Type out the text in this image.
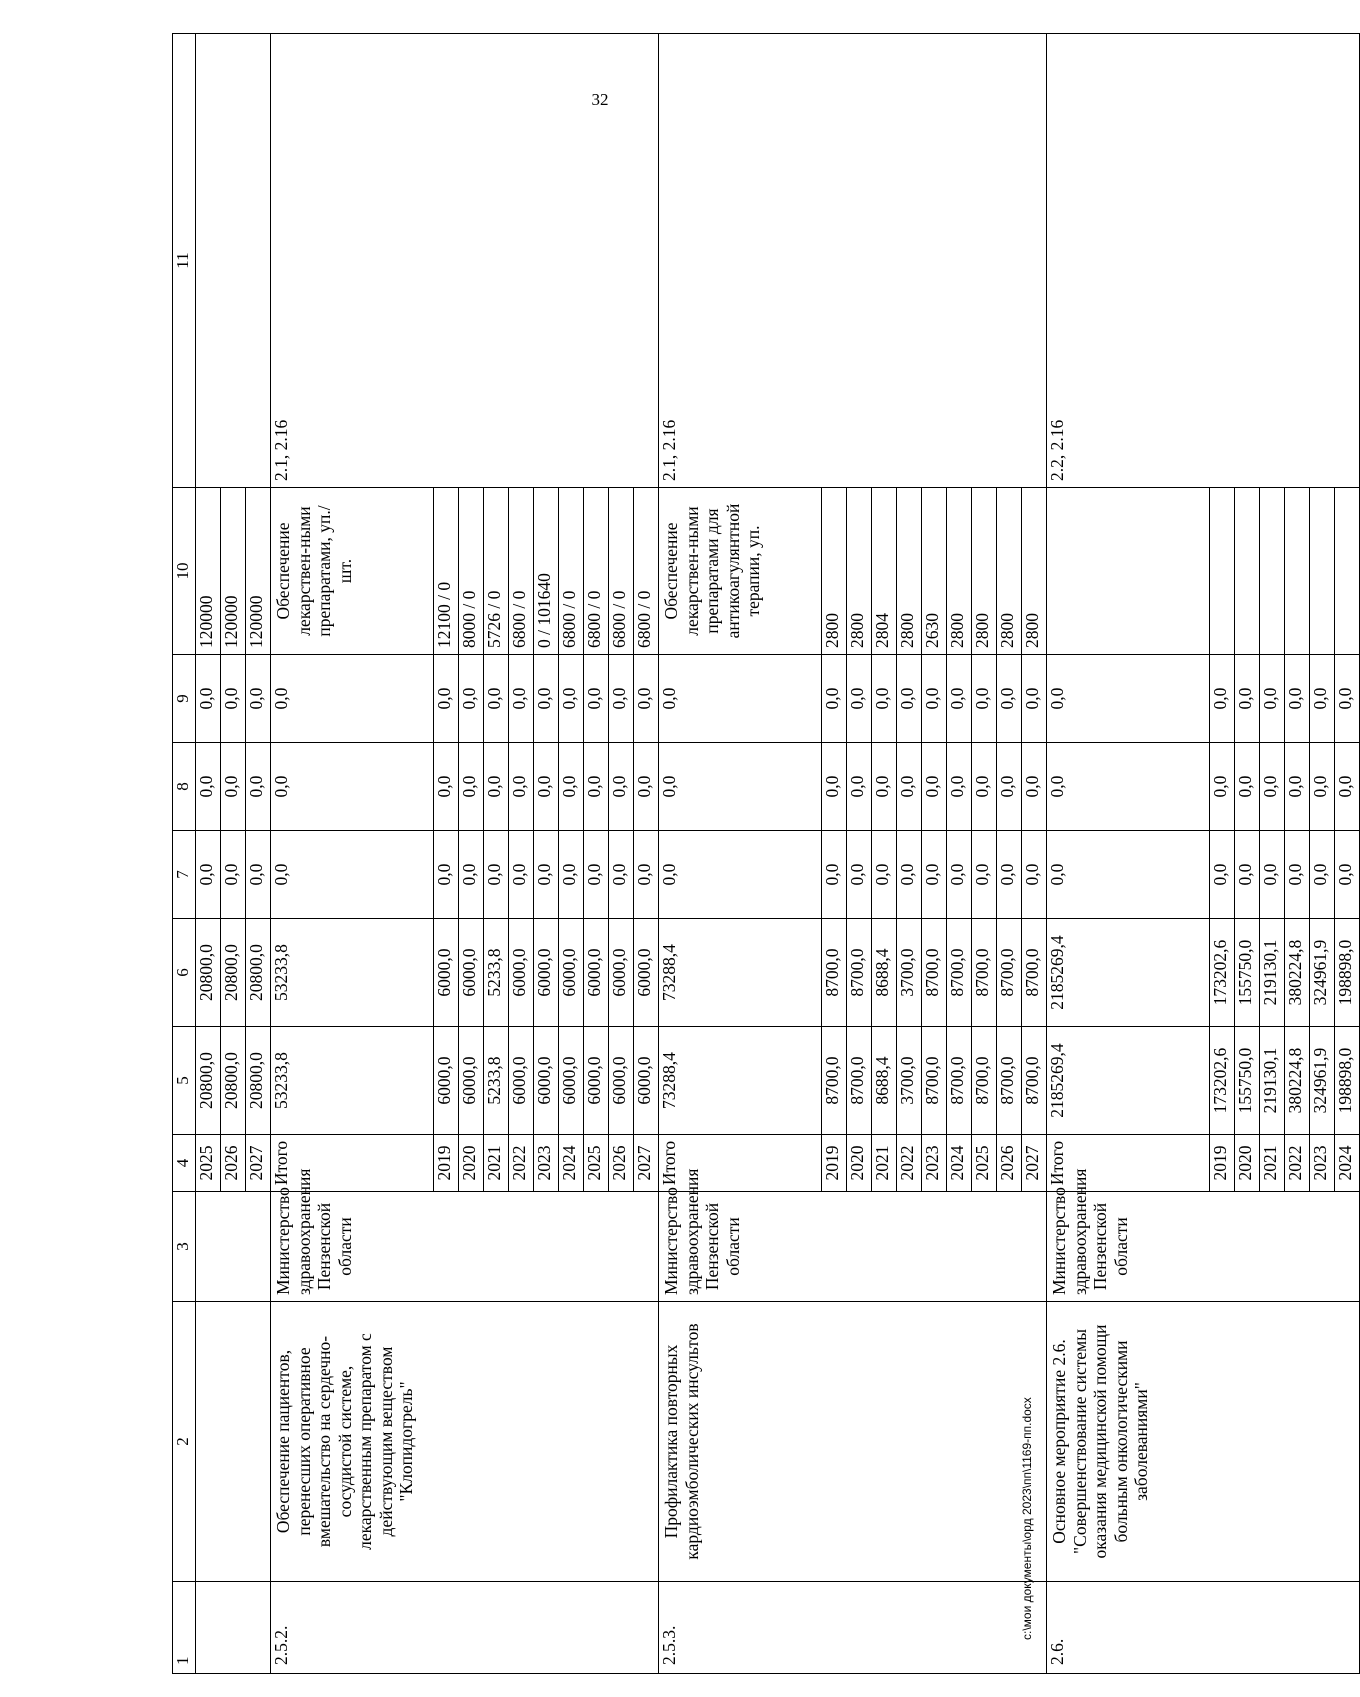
32
1	2	3	4	5	6	7	8	9	10	11
			2025	20800,0	20800,0	0,0	0,0	0,0	120000	
			2026	20800,0	20800,0	0,0	0,0	0,0	120000	
			2027	20800,0	20800,0	0,0	0,0	0,0	120000	
2.5.2.	Обеспечение пациентов, перенесших оперативное вмешательство на сердечно-сосудистой системе, лекарственным препаратом с действующим веществом "Клопидогрель"	Министерство здравоохранения Пензенской области	Итого	53233,8	53233,8	0,0	0,0	0,0	Обеспечение лекарствен-ными препаратами, уп./шт.	2.1, 2.16
			2019	6000,0	6000,0	0,0	0,0	0,0	12100 / 0	
			2020	6000,0	6000,0	0,0	0,0	0,0	8000 / 0	
			2021	5233,8	5233,8	0,0	0,0	0,0	5726 / 0	
			2022	6000,0	6000,0	0,0	0,0	0,0	6800 / 0	
			2023	6000,0	6000,0	0,0	0,0	0,0	0 / 101640	
			2024	6000,0	6000,0	0,0	0,0	0,0	6800 / 0	
			2025	6000,0	6000,0	0,0	0,0	0,0	6800 / 0	
			2026	6000,0	6000,0	0,0	0,0	0,0	6800 / 0	
			2027	6000,0	6000,0	0,0	0,0	0,0	6800 / 0	
2.5.3.	Профилактика повторных кардиоэмболических инсультов	Министерство здравоохранения Пензенской области	Итого	73288,4	73288,4	0,0	0,0	0,0	Обеспечение лекарствен-ными препаратами для антикоагулянтной терапии, уп.	2.1, 2.16
			2019	8700,0	8700,0	0,0	0,0	0,0	2800	
			2020	8700,0	8700,0	0,0	0,0	0,0	2800	
			2021	8688,4	8688,4	0,0	0,0	0,0	2804	
			2022	3700,0	3700,0	0,0	0,0	0,0	2800	
			2023	8700,0	8700,0	0,0	0,0	0,0	2630	
			2024	8700,0	8700,0	0,0	0,0	0,0	2800	
			2025	8700,0	8700,0	0,0	0,0	0,0	2800	
			2026	8700,0	8700,0	0,0	0,0	0,0	2800	
			2027	8700,0	8700,0	0,0	0,0	0,0	2800	
2.6.	Основное мероприятие 2.6. "Совершенствование системы оказания медицинской помощи больным онкологическими заболеваниями"	Министерство здравоохранения Пензенской области	Итого	2185269,4	2185269,4	0,0	0,0	0,0		2.2, 2.16
			2019	173202,6	173202,6	0,0	0,0	0,0		
			2020	155750,0	155750,0	0,0	0,0	0,0		
			2021	219130,1	219130,1	0,0	0,0	0,0		
			2022	380224,8	380224,8	0,0	0,0	0,0		
			2023	324961,9	324961,9	0,0	0,0	0,0		
			2024	198898,0	198898,0	0,0	0,0	0,0		
c:\мои документы\орд 2023\пп\1169-пп.docx
